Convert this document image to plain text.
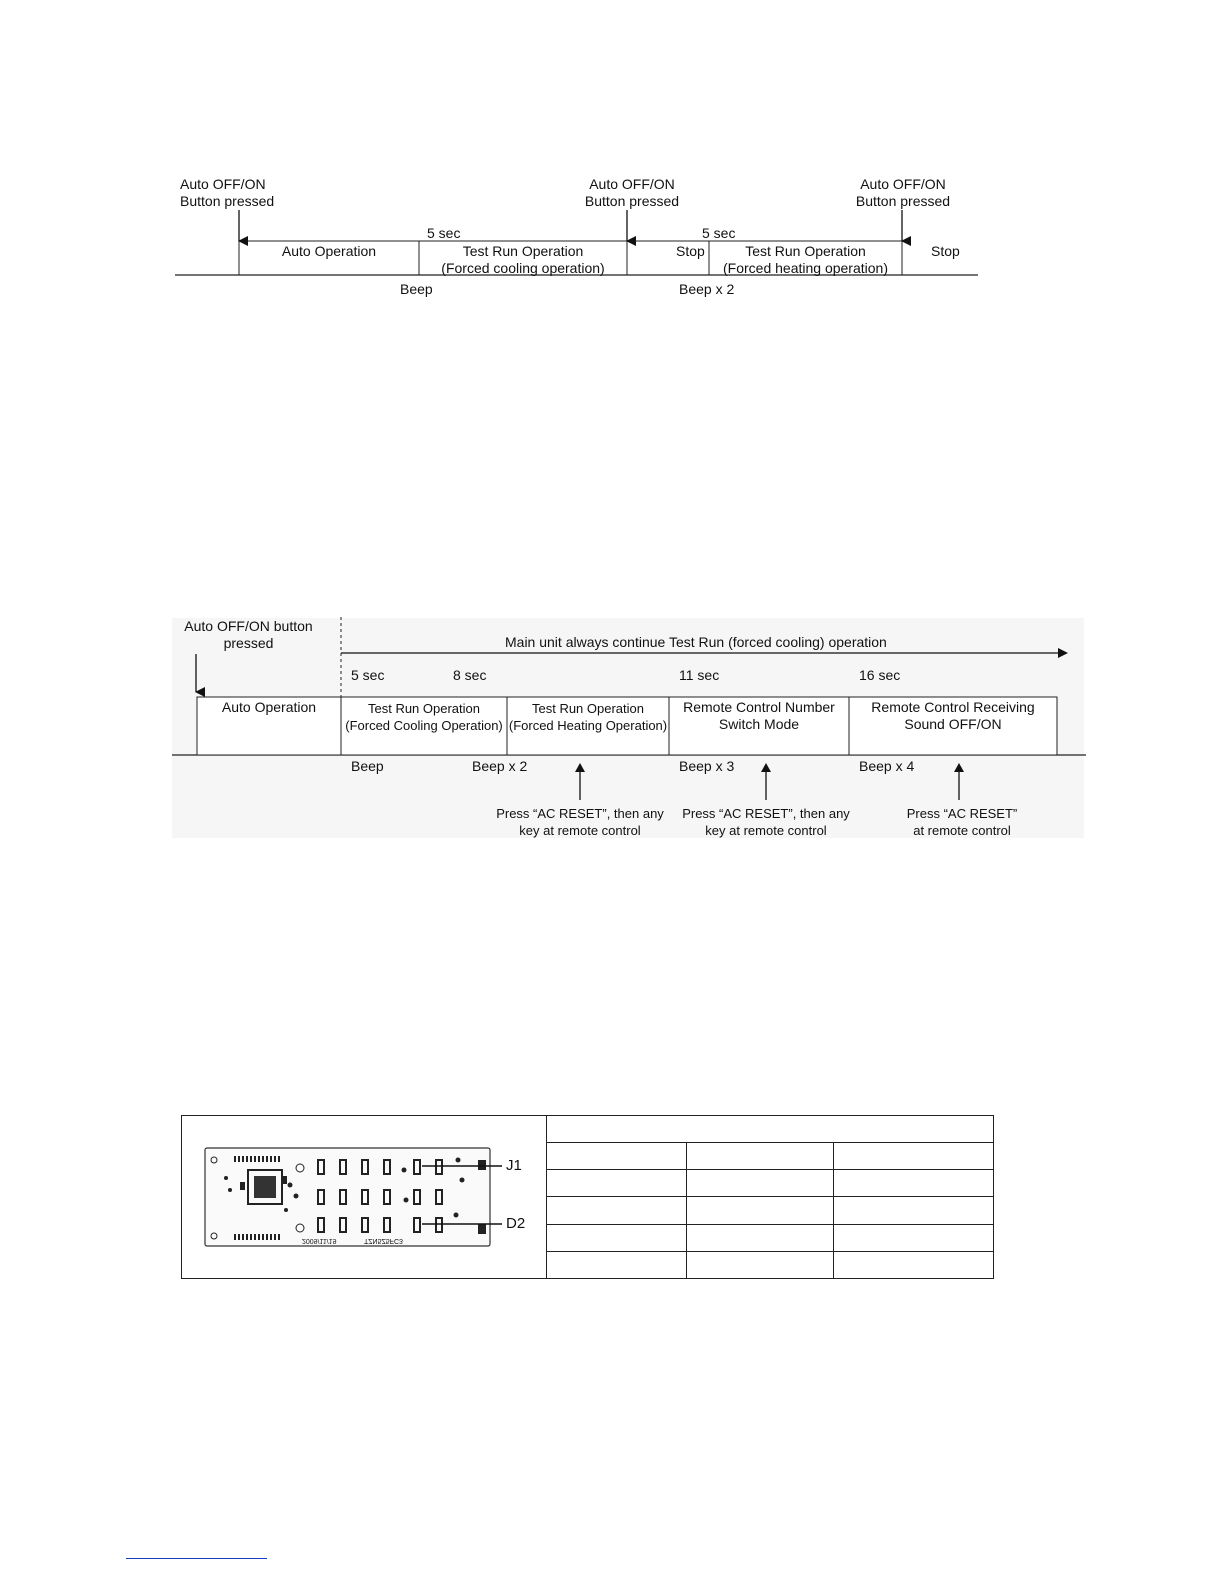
Auto OFF/ON
Button pressed
Auto OFF/ON
Button pressed
Auto OFF/ON
Button pressed
5 sec	5 sec
Auto Operation	Test Run Operation
(Forced cooling operation)
Stop	Test Run Operation
(Forced heating operation)
Stop
Beep	Beep x 2
Auto OFF/ON button
pressed	Main unit always continue Test Run (forced cooling) operation
5 sec	8 sec	11 sec	16 sec
Auto Operation	Test Run Operation
(Forced Cooling Operation)
Test Run Operation
(Forced Heating Operation)
Remote Control Number
Switch Mode
Remote Control Receiving
Sound OFF/ON
Beep	Beep x 2	Beep x 3	Beep x 4
Press “AC RESET”, then any
key at remote control
Press “AC RESET”, then any
key at remote control
Press “AC RESET”
at remote control

TZN5Z5FC3
2009/11/19
J1
D2
